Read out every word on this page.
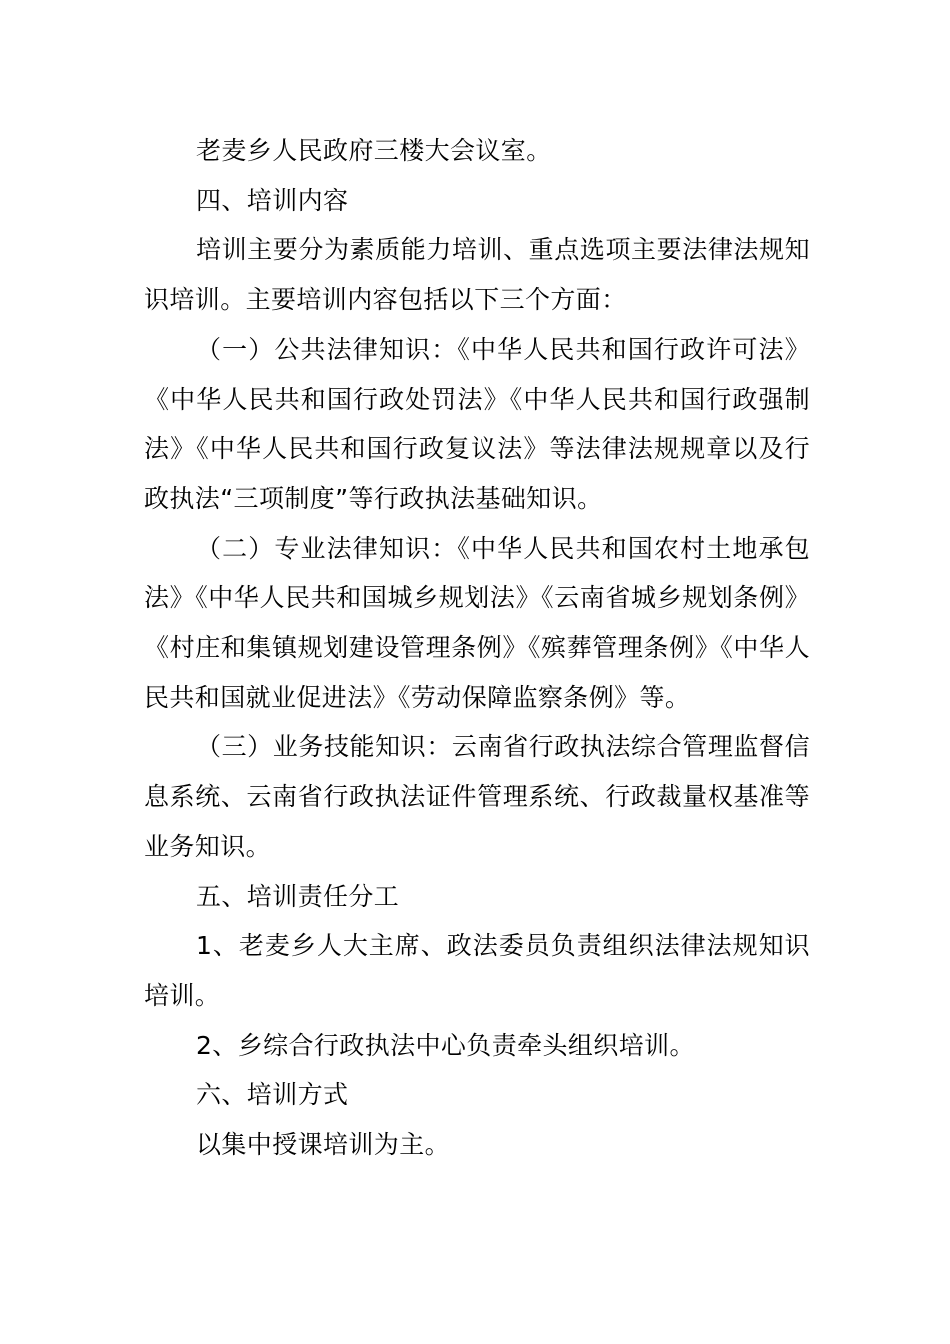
老麦乡人民政府三楼大会议室。

四、培训内容

培训主要分为素质能力培训、重点选项主要法律法规知识培训。主要培训内容包括以下三个方面：

（一）公共法律知识：《中华人民共和国行政许可法》《中华人民共和国行政处罚法》《中华人民共和国行政强制法》《中华人民共和国行政复议法》等法律法规规章以及行政执法“三项制度”等行政执法基础知识。

（二）专业法律知识：《中华人民共和国农村土地承包法》《中华人民共和国城乡规划法》《云南省城乡规划条例》《村庄和集镇规划建设管理条例》《殡葬管理条例》《中华人民共和国就业促进法》《劳动保障监察条例》等。

（三）业务技能知识：云南省行政执法综合管理监督信息系统、云南省行政执法证件管理系统、行政裁量权基准等业务知识。

五、培训责任分工

1、老麦乡人大主席、政法委员负责组织法律法规知识培训。

2、乡综合行政执法中心负责牵头组织培训。

六、培训方式

以集中授课培训为主。
